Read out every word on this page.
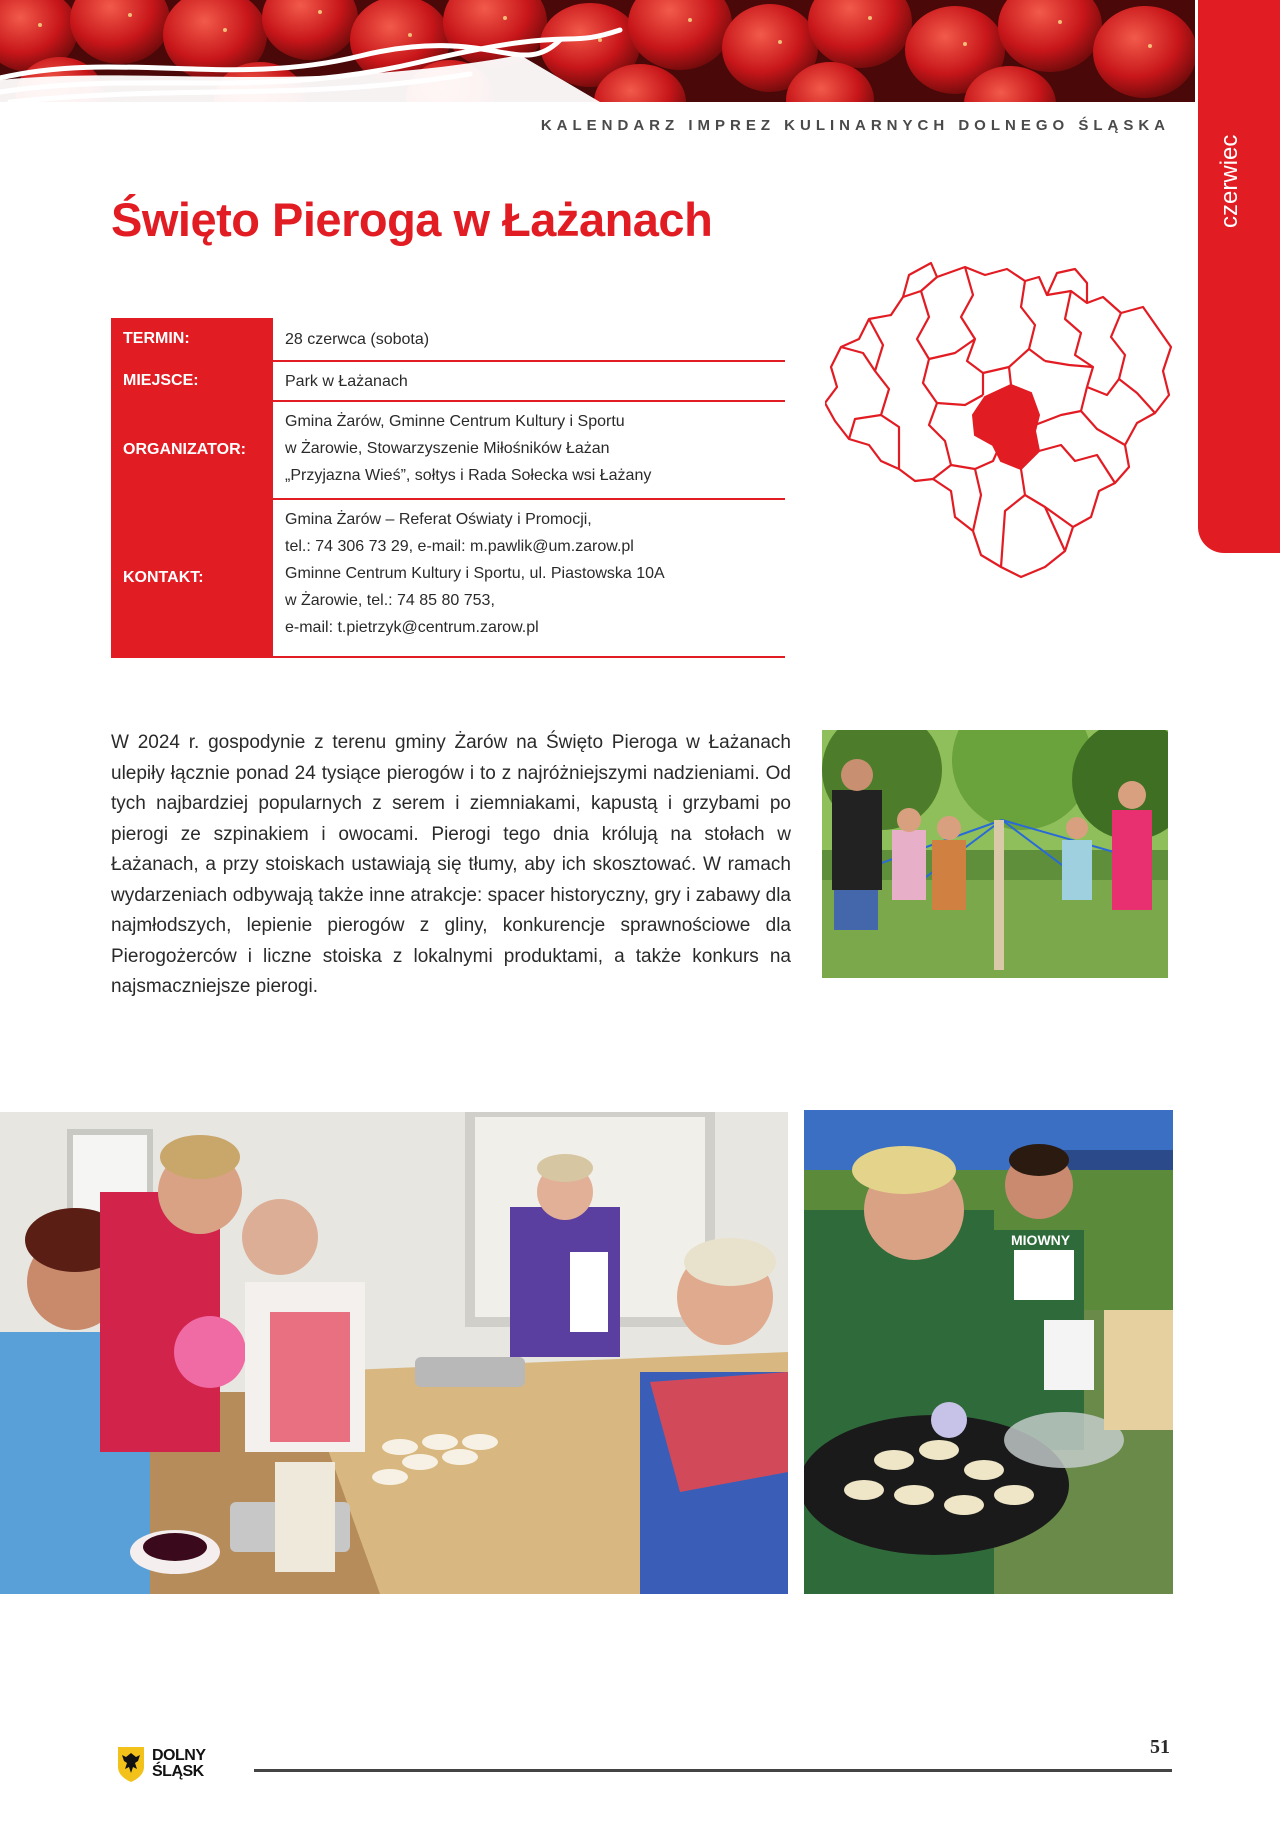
KALENDARZ IMPREZ KULINARNYCH DOLNEGO ŚLĄSKA
czerwiec
Święto Pieroga w Łażanach
TERMIN:	28 czerwca (sobota)
MIEJSCE:	Park w Łażanach
ORGANIZATOR:
Gmina Żarów, Gminne Centrum Kultury i Sportu
w Żarowie, Stowarzyszenie Miłośników Łażan
„Przyjazna Wieś”, sołtys i Rada Sołecka wsi Łażany
KONTAKT:
Gmina Żarów – Referat Oświaty i Promocji,
tel.: 74 306 73 29, e-mail: m.pawlik@um.zarow.pl
Gminne Centrum Kultury i Sportu, ul. Piastowska 10A
w Żarowie, tel.: 74 85 80 753,
e-mail: t.pietrzyk@centrum.zarow.pl

W 2024 r. gospodynie z terenu gminy Żarów na Święto Pieroga w Łażanach ulepiły łącznie ponad 24 tysiące pierogów i to z najróżniejszymi nadzieniami. Od tych najbardziej popularnych z serem i ziemniakami, kapustą i grzybami po pierogi ze szpinakiem i owocami. Pierogi tego dnia królują na stołach w Łażanach, a przy stoiskach ustawiają się tłumy, aby ich skosztować. W ramach wydarzeniach odbywają także inne atrakcje: spacer historyczny, gry i zabawy dla najmłodszych, lepienie pierogów z gliny, konkurencje sprawnościowe dla Pierogożerców i liczne stoiska z lokalnymi produktami, a także konkurs na najsmaczniejsze pierogi.

MIOWNY
DOLNY
ŚLĄSK
51
